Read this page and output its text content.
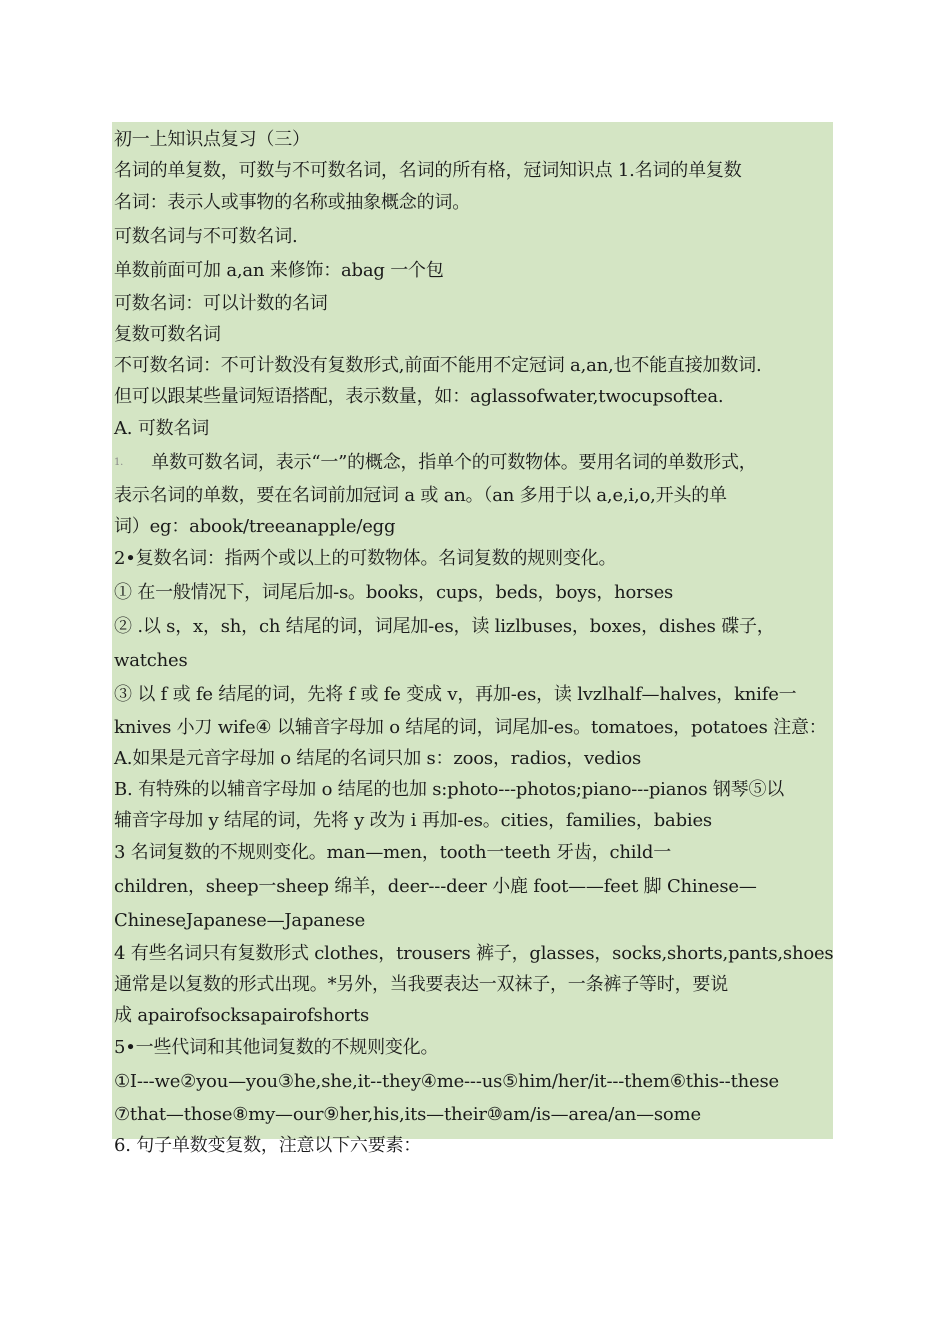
初一上知识点复习（三）
名词的单复数，可数与不可数名词，名词的所有格，冠词知识点 1.名词的单复数
名词：表示人或事物的名称或抽象概念的词。
可数名词与不可数名词.
单数前面可加 a,an 来修饰：abag 一个包
可数名词：可以计数的名词
复数可数名词
不可数名词：不可计数没有复数形式,前面不能用不定冠词 a,an,也不能直接加数词.
但可以跟某些量词短语搭配，表示数量，如：aglassofwater,twocupsoftea.
A. 可数名词
1. 单数可数名词，表示“一”的概念，指单个的可数物体。要用名词的单数形式，
表示名词的单数，要在名词前加冠词 a 或 an。（an 多用于以 a,e,i,o,开头的单
词）eg：abook/treeanapple/egg
2•复数名词：指两个或以上的可数物体。名词复数的规则变化。
① 在一般情况下，词尾后加-s。books，cups，beds，boys，horses
② .以 s，x，sh，ch 结尾的词，词尾加-es，读 lizlbuses，boxes，dishes 碟子，
watches
③ 以 f 或 fe 结尾的词，先将 f 或 fe 变成 v，再加-es，读 lvzlhalf—halves，knife一
knives 小刀 wife④ 以辅音字母加 o 结尾的词，词尾加-es。tomatoes，potatoes 注意：
A.如果是元音字母加 o 结尾的名词只加 s：zoos，radios，vedios
B. 有特殊的以辅音字母加 o 结尾的也加 s:photo---photos;piano---pianos 钢琴⑤以
辅音字母加 y 结尾的词，先将 y 改为 i 再加-es。cities，families，babies
3 名词复数的不规则变化。man—men，tooth一teeth 牙齿，child一
children，sheep一sheep 绵羊，deer---deer 小鹿 foot——feet 脚 Chinese—
ChineseJapanese—Japanese
4 有些名词只有复数形式 clothes，trousers 裤子，glasses，socks,shorts,pants,shoes
通常是以复数的形式出现。*另外，当我要表达一双袜子，一条裤子等时，要说
成 apairofsocksapairofshorts
5•一些代词和其他词复数的不规则变化。
①I---we②you—you③he,she,it--they④me---us⑤him/her/it---them⑥this--these
⑦that—those⑧my—our⑨her,his,its—their⑩am/is—area/an—some
6. 句子单数变复数，注意以下六要素：
